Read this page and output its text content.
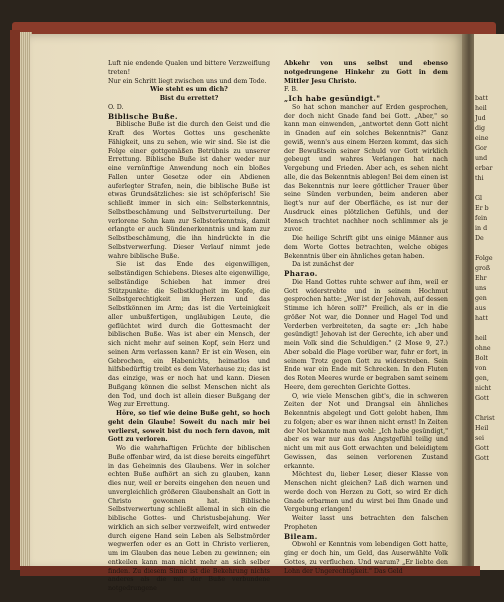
batt
heil
Jud
dig
eine
Gor
und
erbar
thi

Gl
Er b
fein
in d
De

Folge
groß
Ehr
uns
gen
aus
hatt

heil
ohne
Bolt
von
gen,
nicht
Gott

Christ
Heil
sei
Gott
Gott

Luft nie endende Qualen und bittere Verzweiflung treten!

Nur ein Schritt liegt zwischen uns und dem Tode.

Wie steht es um dich?

Bist du errettet?

O. D.

Biblische Buße.

Biblische Buße ist die durch den Geist und die Kraft des Wortes Gottes uns geschenkte Fähigkeit, uns zu sehen, wie wir sind. Sie ist die Folge einer gottgemäßen Betrübnis zu unserer Errettung. Biblische Buße ist daher weder nur eine vernünftige Anwendung noch ein bloßes Fallen unter Gesetze oder ein Abdienen auferlegter Strafen, nein, die biblische Buße ist etwas Grundsätzliches: sie ist schöpferisch! Sie schließt immer in sich ein: Selbsterkenntnis, Selbstbeschämung und Selbstverurteilung. Der verlorene Sohn kam zur Selbsterkenntnis, damit erlangte er auch Sündenerkenntnis und kam zur Selbstbeschämung, die ihn hindrückte in die Selbstverwerfung. Dieser Verlauf nimmt jede wahre biblische Buße.

Sie ist das Ende des eigenwilligen, selbständigen Schiebens. Dieses alte eigenwillige, selbständige Schieben hat immer drei Stützpunkte: die Selbstklugheit im Kopfe, die Selbstgerechtigkeit im Herzen und das Selbstkönnen im Arm; das ist die Verteinigkeit aller unbußfertigen, ungläubigen Leute, die geflüchtet wird durch die Gottesmacht der biblischen Buße. Was ist aber ein Mensch, der sich nicht mehr auf seinen Kopf, sein Herz und seinen Arm verlassen kann? Er ist ein Wesen, ein Gebrochen, ein Habenichts, heimatlos und hilfsbedürftig treibt es dem Vaterhause zu; das ist das einzige, was er noch hat und kann. Diesen Bußgang können die selbst Menschen nicht als den Tod, und doch ist allein dieser Bußgang der Weg zur Errettung.

Höre, so tief wie deine Buße geht, so hoch geht dein Glaube! Soweit du nach mir bei verlierst, soweit bist du noch fern davon, mit Gott zu verloren.

Wo die wahrhaftigen Früchte der biblischen Buße offenbar wird, da ist diese bereits eingeführt in das Geheimnis des Glaubens. Wer in solcher echten Buße aufhört an sich zu glauben, kann dies nur, weil er bereits eingehen den neuen und unvergleichlich größeren Glaubenshalt an Gott in Christo gewonnen hat. Biblische Selbstverwertung schließt allemal in sich ein die biblische Gottes- und Christusbejahung. Wer wirklich an sich selber verzweifelt, wird entweder durch eigene Hand sein Leben als Selbstmörder wegwerfen oder es an Gott in Christo verlieren, um im Glauben das neue Leben zu gewinnen; ein entkeilen kann man nicht mehr an sich selber finden. Zu diesem Sinne ist die Bekehrung nichts anderes als die mit der Buße verbundene notgedrungene

Abkehr von uns selbst und ebenso notgedrungene Hinkehr zu Gott in dem Mittler Jesu Christo.

F. B.

„Ich habe gesündigt."

So hat schon mancher auf Erden gesprochen, der doch nicht Gnade fand bei Gott. „Aber," so kann man einwenden, „antwortet denn Gott nicht in Gnaden auf ein solches Bekenntnis?" Ganz gewiß, wenn's aus einem Herzen kommt, das sich der Bewußtsein seiner Schuld vor Gott wirklich gebeugt und wahres Verlangen hat nach Vergebung und Frieden. Aber ach, es sehen nicht alle, die das Bekenntnis ablegen! Bei dem einen ist das Bekenntnis nur leere göttlicher Trauer über seine Sünden verbunden, beim anderen aber liegt's nur auf der Oberfläche, es ist nur der Ausdruck eines plötzlichen Gefühls, und der Mensch trachtet nachher noch schlimmer als je zuvor.

Die heilige Schrift gibt uns einige Männer aus dem Worte Gottes betrachten, welche obiges Bekenntnis über ein ähnliches getan haben.

Da ist zunächst der

Pharao.

Die Hand Gottes ruhte schwer auf ihm, weil er Gott widerstrebte und in seinem Hochmut gesprochen hatte: „Wer ist der Jehovah, auf dessen Stimme ich hören soll?" Freilich, als er in die größer Not war, die Donner und Hagel Tod und Verderben verbreiteten, da sagte er: „Ich habe gesündigt! Jehovah ist der Gerechte, ich aber und mein Volk sind die Schuldigen." (2 Mose 9, 27.) Aber sobald die Plage vorüber war, fuhr er fort, in seinem Trotz gegen Gott zu widerstreben. Sein Ende war ein Ende mit Schrecken. In den Fluten des Roten Meeres wurde er begraben samt seinem Heere, dem gerechten Gerichte Gottes.

O, wie viele Menschen gibt's, die in schweren Zeiten der Not und Drangsal ein ähnliches Bekenntnis abgelegt und Gott gelobt haben, Ihm zu folgen; aber es war ihnen nicht ernst! In Zeiten der Not bekannte man wohl: „Ich habe gesündigt," aber es war nur aus das Angstgefühl teilig und nicht um mit aus Gott erwachten und beleidigtem Gewissen, das seinen verlorenen Zustand erkannte.

Möchtest du, lieber Leser, dieser Klasse von Menschen nicht gleichen? Laß dich warnen und werde doch von Herzen zu Gott, so wird Er dich Gnade erbarmen und du wirst bei Ihm Gnade und Vergebung erlangen!

Weiter lasst uns betrachten den falschen Propheten

Bileam.

Obwohl er Kenntnis vom lebendigen Gott hatte, ging er doch hin, um Geld, das Auserwählte Volk Gottes, zu verfluchen. Und warum? „Er liebte den Lohn der Ungerechtigkeit." Das Geld
